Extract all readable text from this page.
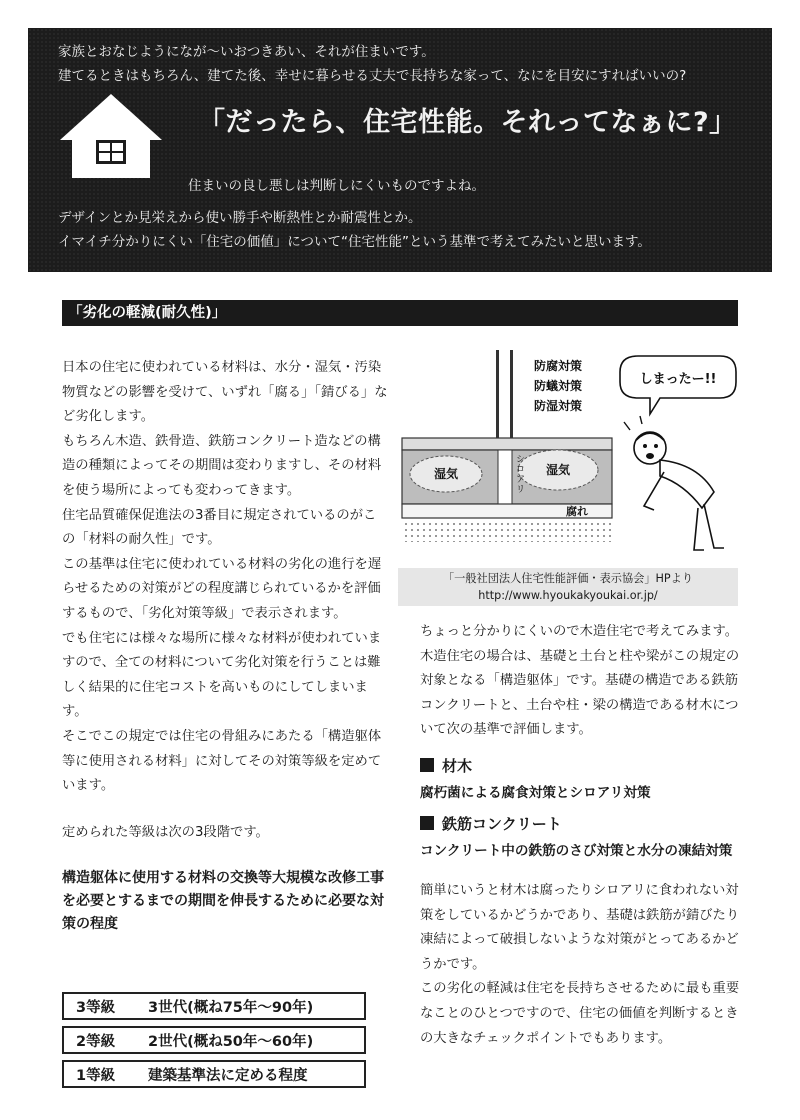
家族とおなじようになが〜いおつきあい、それが住まいです。
建てるときはもちろん、建てた後、幸せに暮らせる丈夫で長持ちな家って、なにを目安にすればいいの?
「だったら、住宅性能。それってなぁに?」
住まいの良し悪しは判断しにくいものですよね。
デザインとか見栄えから使い勝手や断熱性とか耐震性とか。
イマイチ分かりにくい「住宅の価値」について“住宅性能”という基準で考えてみたいと思います。
「劣化の軽減(耐久性)」

日本の住宅に使われている材料は、水分・湿気・汚染物質などの影響を受けて、いずれ「腐る」「錆びる」など劣化します。

もちろん木造、鉄骨造、鉄筋コンクリート造などの構造の種類によってその期間は変わりますし、その材料を使う場所によっても変わってきます。

住宅品質確保促進法の3番目に規定されているのがこの「材料の耐久性」です。

この基準は住宅に使われている材料の劣化の進行を遅らせるための対策がどの程度講じられているかを評価するもので、「劣化対策等級」で表示されます。

でも住宅には様々な場所に様々な材料が使われていますので、全ての材料について劣化対策を行うことは難しく結果的に住宅コストを高いものにしてしまいます。

そこでこの規定では住宅の骨組みにあたる「構造躯体等に使用される材料」に対してその対策等級を定めています。

定められた等級は次の3段階です。

構造躯体に使用する材料の交換等大規模な改修工事を必要とするまでの期間を伸長するために必要な対策の程度

3等級	3世代(概ね75年〜90年)
2等級	2世代(概ね50年〜60年)
1等級	建築基準法に定める程度
防腐対策
防蟻対策
防湿対策
しまったー!!
湿気	湿気
シロアリ
腐れ
「一般社団法人住宅性能評価・表示協会」HPより
http://www.hyoukakyoukai.or.jp/

ちょっと分かりにくいので木造住宅で考えてみます。木造住宅の場合は、基礎と土台と柱や梁がこの規定の対象となる「構造躯体」です。基礎の構造である鉄筋コンクリートと、土台や柱・梁の構造である材木について次の基準で評価します。

材木

腐朽菌による腐食対策とシロアリ対策

鉄筋コンクリート

コンクリート中の鉄筋のさび対策と水分の凍結対策

簡単にいうと材木は腐ったりシロアリに食われない対策をしているかどうかであり、基礎は鉄筋が錆びたり凍結によって破損しないような対策がとってあるかどうかです。

この劣化の軽減は住宅を長持ちさせるために最も重要なことのひとつですので、住宅の価値を判断するときの大きなチェックポイントでもあります。
